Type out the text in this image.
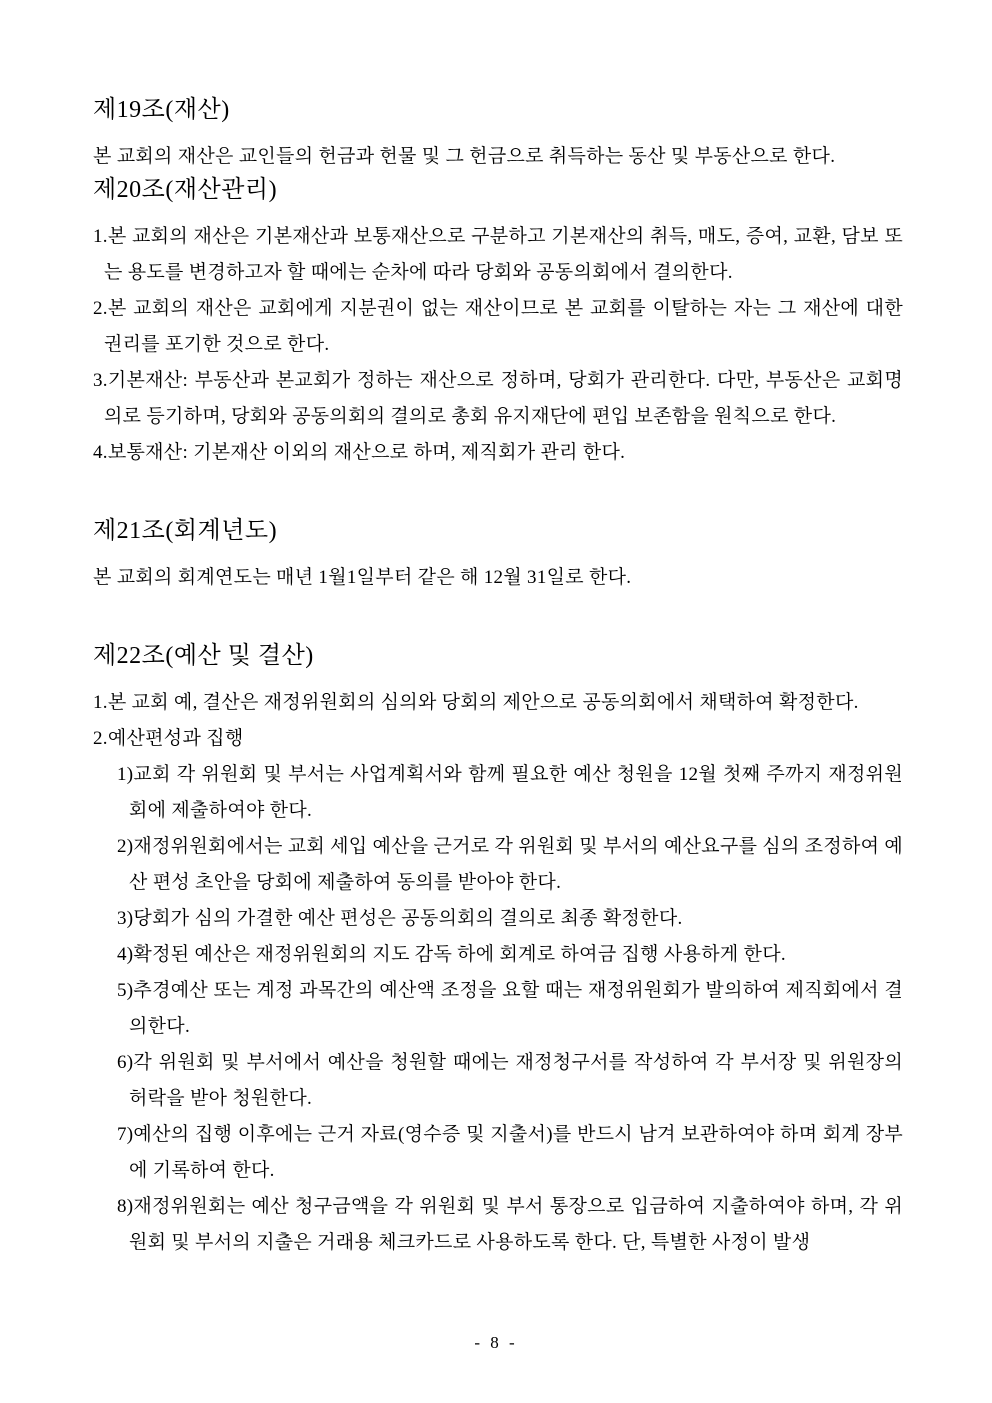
제19조(재산)
본 교회의 재산은 교인들의 헌금과 헌물 및 그 헌금으로 취득하는 동산 및 부동산으로 한다.
제20조(재산관리)
1.본 교회의 재산은 기본재산과 보통재산으로 구분하고 기본재산의 취득, 매도, 증여, 교환, 담보 또는 용도를 변경하고자 할 때에는 순차에 따라 당회와 공동의회에서 결의한다.
2.본 교회의 재산은 교회에게 지분권이 없는 재산이므로 본 교회를 이탈하는 자는 그 재산에 대한 권리를 포기한 것으로 한다.
3.기본재산: 부동산과 본교회가 정하는 재산으로 정하며, 당회가 관리한다. 다만, 부동산은 교회명의로 등기하며, 당회와 공동의회의 결의로 총회 유지재단에 편입 보존함을 원칙으로 한다.
4.보통재산: 기본재산 이외의 재산으로 하며, 제직회가 관리 한다.
제21조(회계년도)
본 교회의 회계연도는 매년 1월1일부터 같은 해 12월 31일로 한다.
제22조(예산 및 결산)
1.본 교회 예, 결산은 재정위원회의 심의와 당회의 제안으로 공동의회에서 채택하여 확정한다.
2.예산편성과 집행
1)교회 각 위원회 및 부서는 사업계획서와 함께 필요한 예산 청원을 12월 첫째 주까지 재정위원회에 제출하여야 한다.
2)재정위원회에서는 교회 세입 예산을 근거로 각 위원회 및 부서의 예산요구를 심의 조정하여 예산 편성 초안을 당회에 제출하여 동의를 받아야 한다.
3)당회가 심의 가결한 예산 편성은 공동의회의 결의로 최종 확정한다.
4)확정된 예산은 재정위원회의 지도 감독 하에 회계로 하여금 집행 사용하게 한다.
5)추경예산 또는 계정 과목간의 예산액 조정을 요할 때는 재정위원회가 발의하여 제직회에서 결의한다.
6)각 위원회 및 부서에서 예산을 청원할 때에는 재정청구서를 작성하여 각 부서장 및 위원장의 허락을 받아 청원한다.
7)예산의 집행 이후에는 근거 자료(영수증 및 지출서)를 반드시 남겨 보관하여야 하며 회계 장부에 기록하여 한다.
8)재정위원회는 예산 청구금액을 각 위원회 및 부서 통장으로 입금하여 지출하여야 하며, 각 위원회 및 부서의 지출은 거래용 체크카드로 사용하도록 한다. 단, 특별한 사정이 발생
- 8 -
